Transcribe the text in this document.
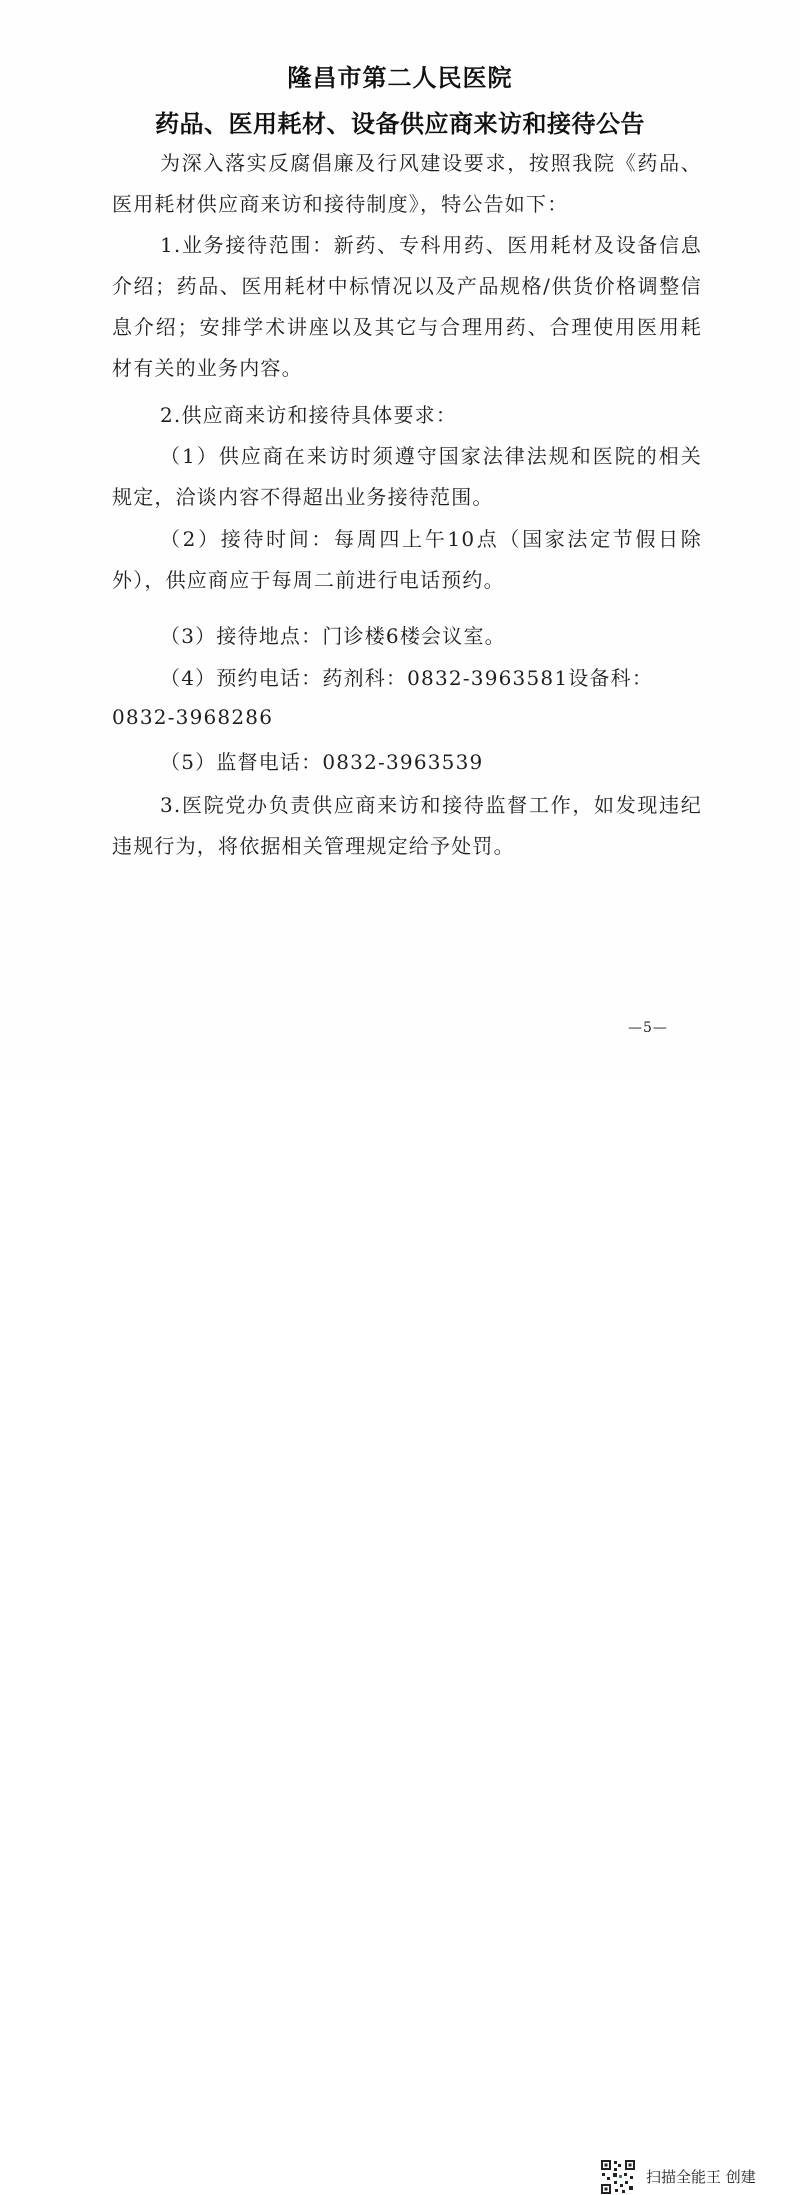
隆昌市第二人民医院
药品、医用耗材、设备供应商来访和接待公告
为深入落实反腐倡廉及行风建设要求，按照我院《药品、医用耗材供应商来访和接待制度》，特公告如下：
1.业务接待范围：新药、专科用药、医用耗材及设备信息介绍；药品、医用耗材中标情况以及产品规格/供货价格调整信息介绍；安排学术讲座以及其它与合理用药、合理使用医用耗材有关的业务内容。
2.供应商来访和接待具体要求：
（1）供应商在来访时须遵守国家法律法规和医院的相关规定，洽谈内容不得超出业务接待范围。
（2）接待时间：每周四上午10点（国家法定节假日除外），供应商应于每周二前进行电话预约。
（3）接待地点：门诊楼6楼会议室。
（4）预约电话：药剂科：0832-3963581设备科：
0832-3968286
（5）监督电话：0832-3963539
3.医院党办负责供应商来访和接待监督工作，如发现违纪违规行为，将依据相关管理规定给予处罚。
—5—
扫描全能王 创建
